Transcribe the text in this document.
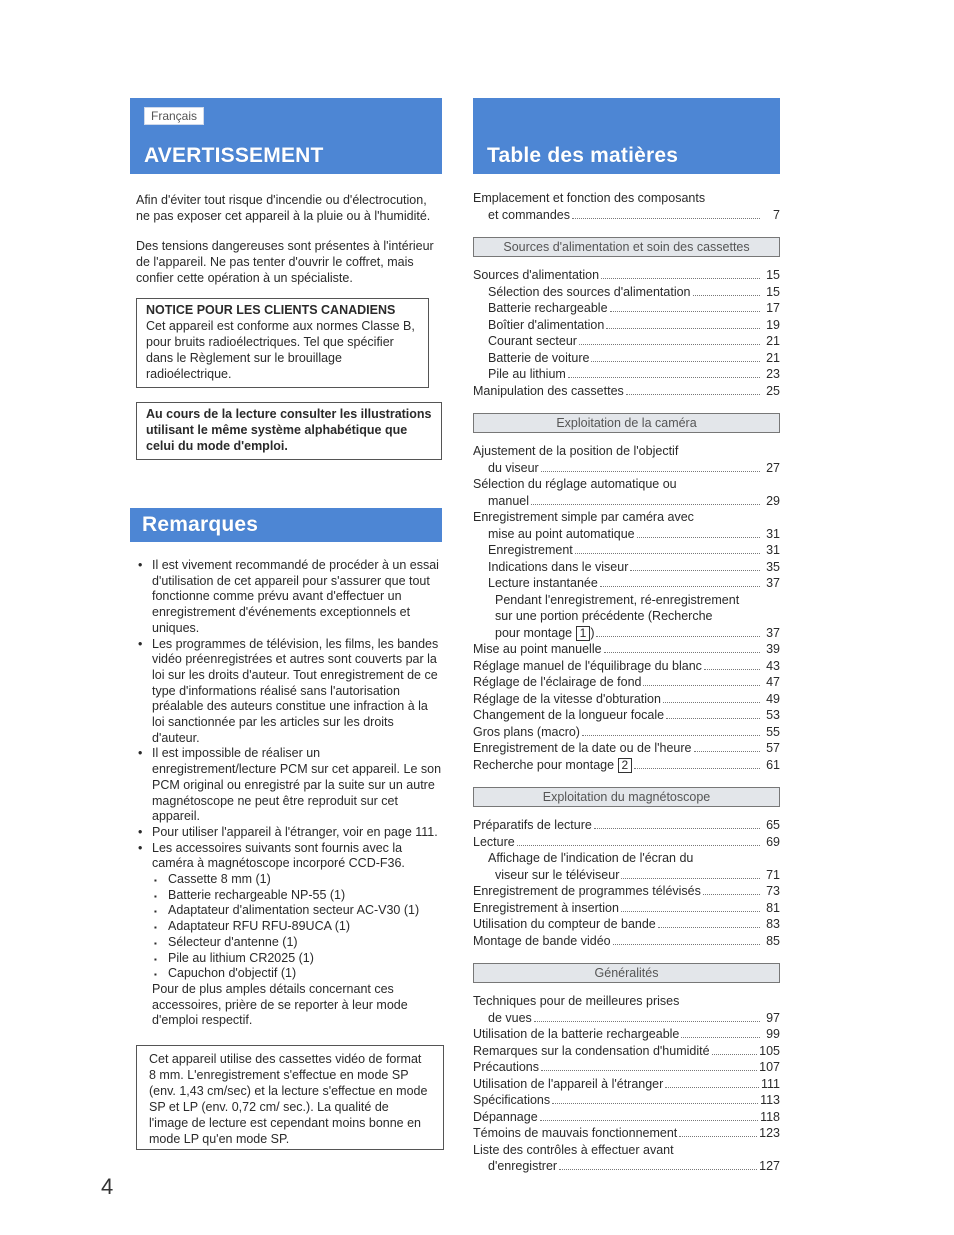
Français
AVERTISSEMENT

Afin d'éviter tout risque d'incendie ou d'électrocution, ne pas exposer cet appareil à la pluie ou à l'humidité.

Des tensions dangereuses sont présentes à l'intérieur de l'appareil. Ne pas tenter d'ouvrir le coffret, mais confier cette opération à un spécialiste.

NOTICE POUR LES CLIENTS CANADIENS
Cet appareil est conforme aux normes Classe B, pour bruits radioélectriques. Tel que spécifier dans le Règlement sur le brouillage radioélectrique.
Au cours de la lecture consulter les illustrations utilisant le même système alphabétique que celui du mode d'emploi.
Remarques
• Il est vivement recommandé de procéder à un essai d'utilisation de cet appareil pour s'assurer que tout fonctionne comme prévu avant d'effectuer un enregistrement d'événements exceptionnels et uniques.
• Les programmes de télévision, les films, les bandes vidéo préenregistrées et autres sont couverts par la loi sur les droits d'auteur. Tout enregistrement de ce type d'informations réalisé sans l'autorisation préalable des auteurs constitue une infraction à la loi sanctionnée par les articles sur les droits d'auteur.
• Il est impossible de réaliser un enregistrement/lecture PCM sur cet appareil. Le son PCM original ou enregistré par la suite sur un autre magnétoscope ne peut être reproduit sur cet appareil.
• Pour utiliser l'appareil à l'étranger, voir en page 111.
• Les accessoires suivants sont fournis avec la caméra à magnétoscope incorporé CCD-F36.
▪ Cassette 8 mm (1)
▪ Batterie rechargeable NP-55 (1)
▪ Adaptateur d'alimentation secteur AC-V30 (1)
▪ Adaptateur RFU RFU-89UCA (1)
▪ Sélecteur d'antenne (1)
▪ Pile au lithium CR2025 (1)
▪ Capuchon d'objectif (1)
Pour de plus amples détails concernant ces accessoires, prière de se reporter à leur mode d'emploi respectif.
Cet appareil utilise des cassettes vidéo de format 8 mm. L'enregistrement s'effectue en mode SP (env. 1,43 cm/sec) et la lecture s'effectue en mode SP et LP (env. 0,72 cm/ sec.). La qualité de l'image de lecture est cependant moins bonne en mode LP qu'en mode SP.
4
Table des matières
Emplacement et fonction des composants
et commandes	7
Sources d'alimentation et soin des cassettes
Sources d'alimentation	15
Sélection des sources d'alimentation	15
Batterie rechargeable	17
Boîtier d'alimentation	19
Courant secteur	21
Batterie de voiture	21
Pile au lithium	23
Manipulation des cassettes	25
Exploitation de la caméra
Ajustement de la position de l'objectif
du viseur	27
Sélection du réglage automatique ou
manuel	29
Enregistrement simple par caméra avec
mise au point automatique	31
Enregistrement	31
Indications dans le viseur	35
Lecture instantanée	37
Pendant l'enregistrement, ré-enregistrement
sur une portion précédente (Recherche
pour montage 1 )	37
Mise au point manuelle	39
Réglage manuel de l'équilibrage du blanc	43
Réglage de l'éclairage de fond	47
Réglage de la vitesse d'obturation	49
Changement de la longueur focale	53
Gros plans (macro)	55
Enregistrement de la date ou de l'heure	57
Recherche pour montage 2	61
Exploitation du magnétoscope
Préparatifs de lecture	65
Lecture	69
Affichage de l'indication de l'écran du
viseur sur le téléviseur	71
Enregistrement de programmes télévisés	73
Enregistrement à insertion	81
Utilisation du compteur de bande	83
Montage de bande vidéo	85
Généralités
Techniques pour de meilleures prises
de vues	97
Utilisation de la batterie rechargeable	99
Remarques sur la condensation d'humidité	105
Précautions	107
Utilisation de l'appareil à l'étranger	111
Spécifications	113
Dépannage	118
Témoins de mauvais fonctionnement	123
Liste des contrôles à effectuer avant
d'enregistrer	127
